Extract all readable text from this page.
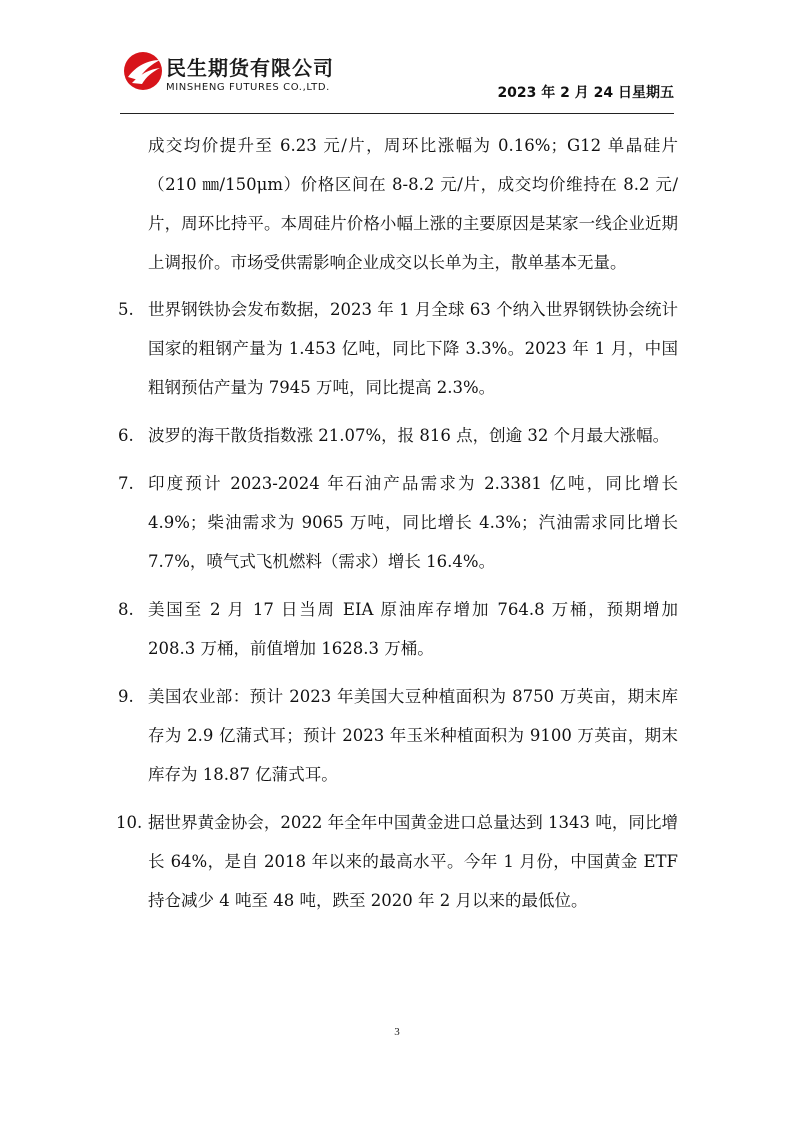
民生期货有限公司
MINSHENG FUTURES CO.,LTD.	2023 年 2 月 24 日星期五

成交均价提升至 6.23 元/片，周环比涨幅为 0.16%；G12 单晶硅片（210 ㎜/150μm）价格区间在 8-8.2 元/片，成交均价维持在 8.2 元/片，周环比持平。本周硅片价格小幅上涨的主要原因是某家一线企业近期上调报价。市场受供需影响企业成交以长单为主，散单基本无量。

5. 世界钢铁协会发布数据，2023 年 1 月全球 63 个纳入世界钢铁协会统计国家的粗钢产量为 1.453 亿吨，同比下降 3.3%。2023 年 1 月，中国粗钢预估产量为 7945 万吨，同比提高 2.3%。
6. 波罗的海干散货指数涨 21.07%，报 816 点，创逾 32 个月最大涨幅。
7. 印度预计 2023-2024 年石油产品需求为 2.3381 亿吨，同比增长 4.9%；柴油需求为 9065 万吨，同比增长 4.3%；汽油需求同比增长 7.7%，喷气式飞机燃料（需求）增长 16.4%。
8. 美国至 2 月 17 日当周 EIA 原油库存增加 764.8 万桶，预期增加 208.3 万桶，前值增加 1628.3 万桶。
9. 美国农业部：预计 2023 年美国大豆种植面积为 8750 万英亩，期末库存为 2.9 亿蒲式耳；预计 2023 年玉米种植面积为 9100 万英亩，期末库存为 18.87 亿蒲式耳。
10. 据世界黄金协会，2022 年全年中国黄金进口总量达到 1343 吨，同比增长 64%，是自 2018 年以来的最高水平。今年 1 月份，中国黄金 ETF 持仓减少 4 吨至 48 吨，跌至 2020 年 2 月以来的最低位。
3
